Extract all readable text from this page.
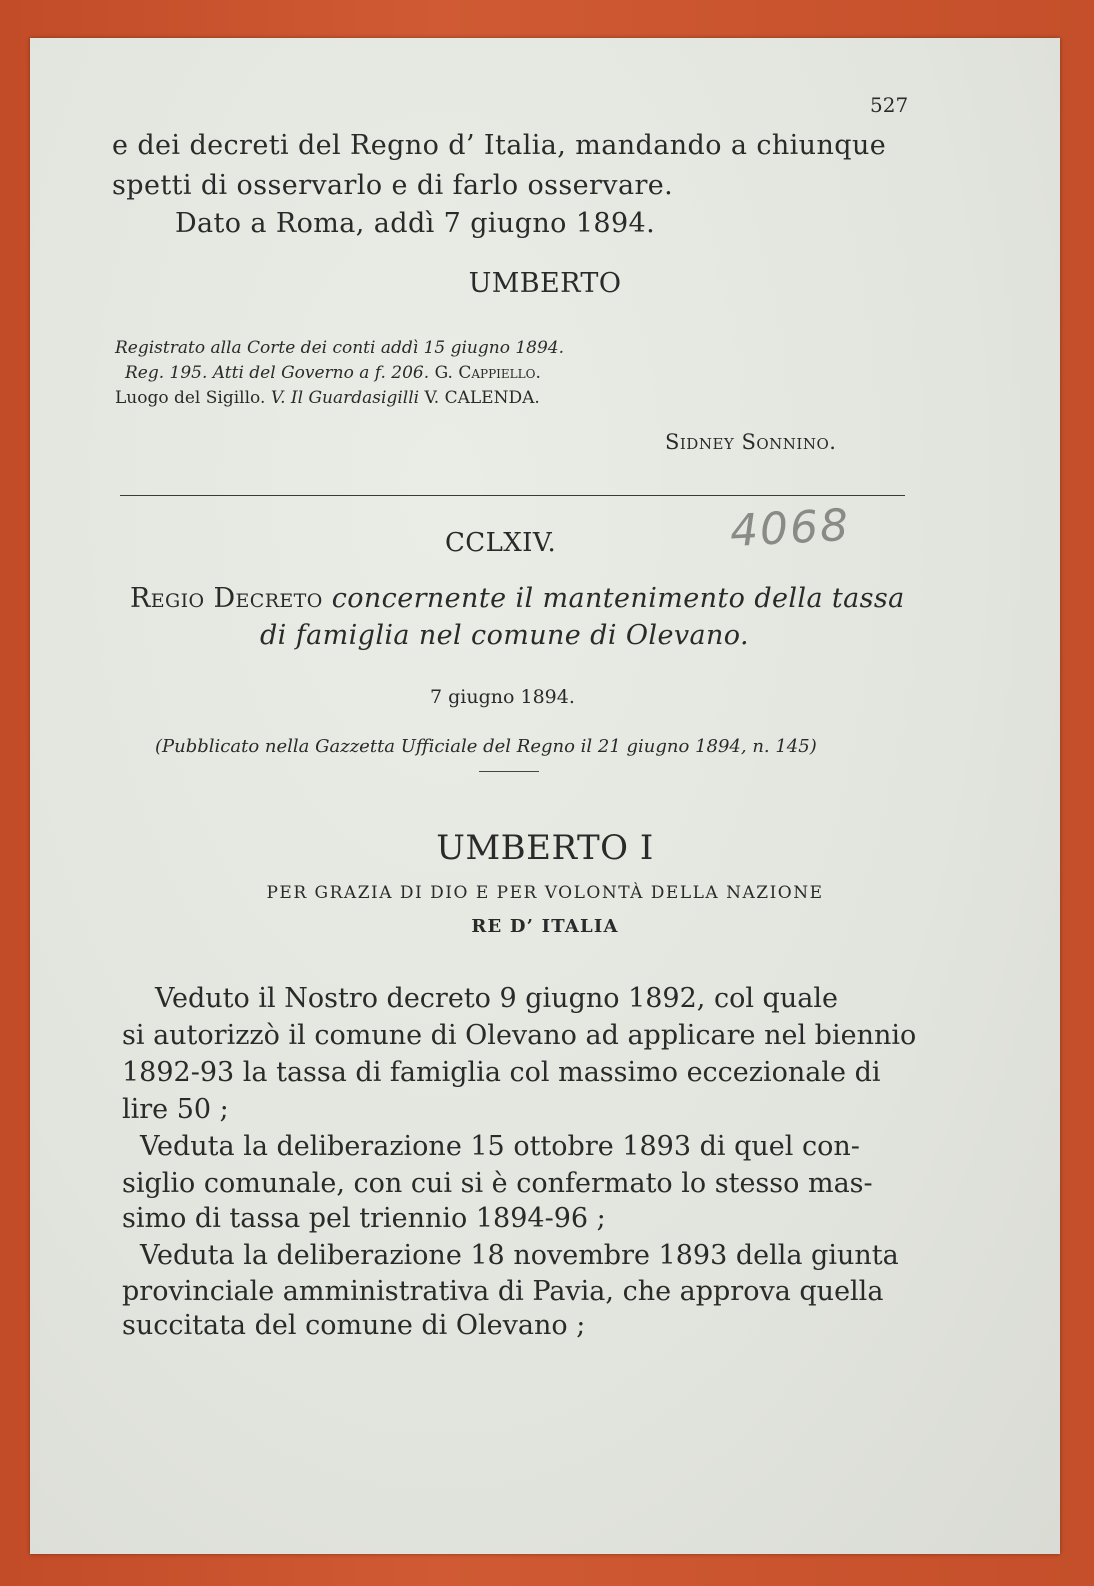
527
e dei decreti del Regno d’ Italia, mandando a chiunque
spetti di osservarlo e di farlo osservare.
Dato a Roma, addì 7 giugno 1894.
UMBERTO
Registrato alla Corte dei conti addì 15 giugno 1894.
Reg. 195. Atti del Governo a f. 206. G. Cappiello.
Luogo del Sigillo. V. Il Guardasigilli V. CALENDA.
Sidney Sonnino.
CCLXIV.	4068
Regio Decreto concernente il mantenimento della tassa
di famiglia nel comune di Olevano.
7 giugno 1894.
(Pubblicato nella Gazzetta Ufficiale del Regno il 21 giugno 1894, n. 145)
UMBERTO I
PER GRAZIA DI DIO E PER VOLONTÀ DELLA NAZIONE
RE D’ ITALIA
Veduto il Nostro decreto 9 giugno 1892, col quale
si autorizzò il comune di Olevano ad applicare nel biennio
1892-93 la tassa di famiglia col massimo eccezionale di
lire 50 ;
Veduta la deliberazione 15 ottobre 1893 di quel con-
siglio comunale, con cui si è confermato lo stesso mas-
simo di tassa pel triennio 1894-96 ;
Veduta la deliberazione 18 novembre 1893 della giunta
provinciale amministrativa di Pavia, che approva quella
succitata del comune di Olevano ;
